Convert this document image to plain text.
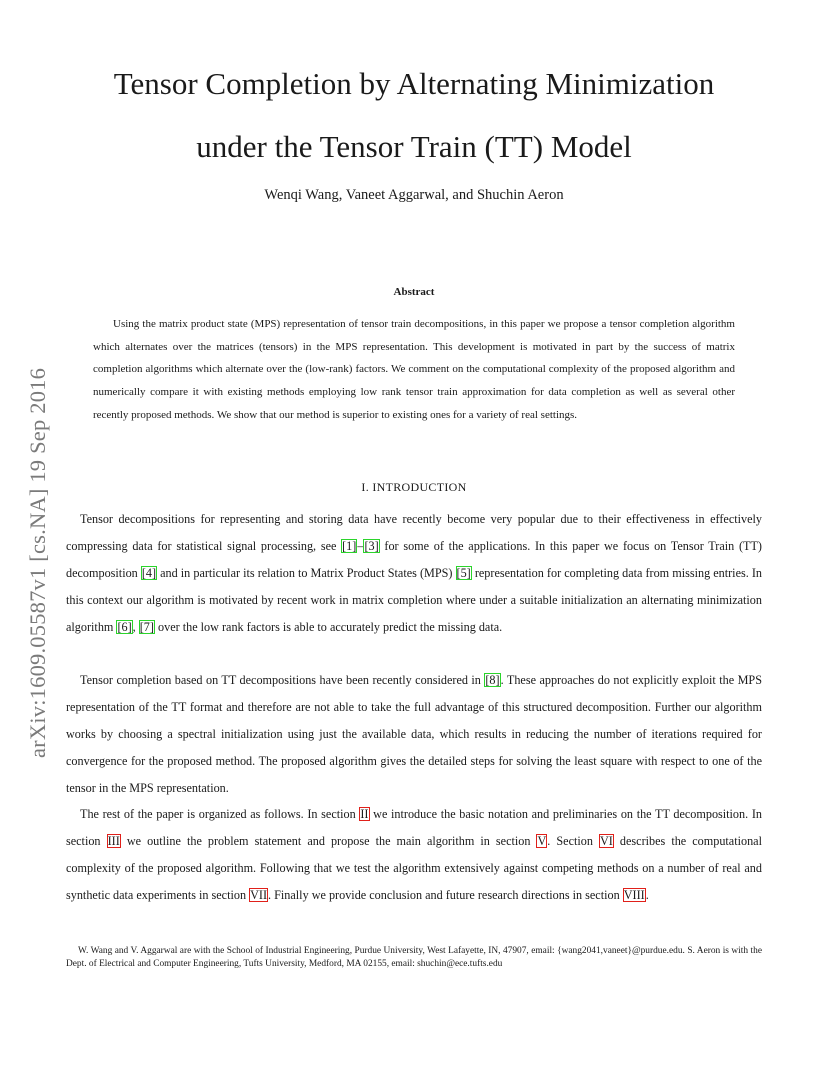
Tensor Completion by Alternating Minimization
under the Tensor Train (TT) Model
Wenqi Wang, Vaneet Aggarwal, and Shuchin Aeron
arXiv:1609.05587v1 [cs.NA] 19 Sep 2016
Abstract

Using the matrix product state (MPS) representation of tensor train decompositions, in this paper we propose a tensor completion algorithm which alternates over the matrices (tensors) in the MPS representation. This development is motivated in part by the success of matrix completion algorithms which alternate over the (low-rank) factors. We comment on the computational complexity of the proposed algorithm and numerically compare it with existing methods employing low rank tensor train approximation for data completion as well as several other recently proposed methods. We show that our method is superior to existing ones for a variety of real settings.

I. INTRODUCTION

Tensor decompositions for representing and storing data have recently become very popular due to their effectiveness in effectively compressing data for statistical signal processing, see [1]–[3] for some of the applications. In this paper we focus on Tensor Train (TT) decomposition [4] and in particular its relation to Matrix Product States (MPS) [5] representation for completing data from missing entries. In this context our algorithm is motivated by recent work in matrix completion where under a suitable initialization an alternating minimization algorithm [6], [7] over the low rank factors is able to accurately predict the missing data.

Tensor completion based on TT decompositions have been recently considered in [8]. These approaches do not explicitly exploit the MPS representation of the TT format and therefore are not able to take the full advantage of this structured decomposition. Further our algorithm works by choosing a spectral initialization using just the available data, which results in reducing the number of iterations required for convergence for the proposed method. The proposed algorithm gives the detailed steps for solving the least square with respect to one of the tensor in the MPS representation.

The rest of the paper is organized as follows. In section II we introduce the basic notation and preliminaries on the TT decomposition. In section III we outline the problem statement and propose the main algorithm in section V. Section VI describes the computational complexity of the proposed algorithm. Following that we test the algorithm extensively against competing methods on a number of real and synthetic data experiments in section VII. Finally we provide conclusion and future research directions in section VIII.

W. Wang and V. Aggarwal are with the School of Industrial Engineering, Purdue University, West Lafayette, IN, 47907, email: {wang2041,vaneet}@purdue.edu. S. Aeron is with the Dept. of Electrical and Computer Engineering, Tufts University, Medford, MA 02155, email: shuchin@ece.tufts.edu
